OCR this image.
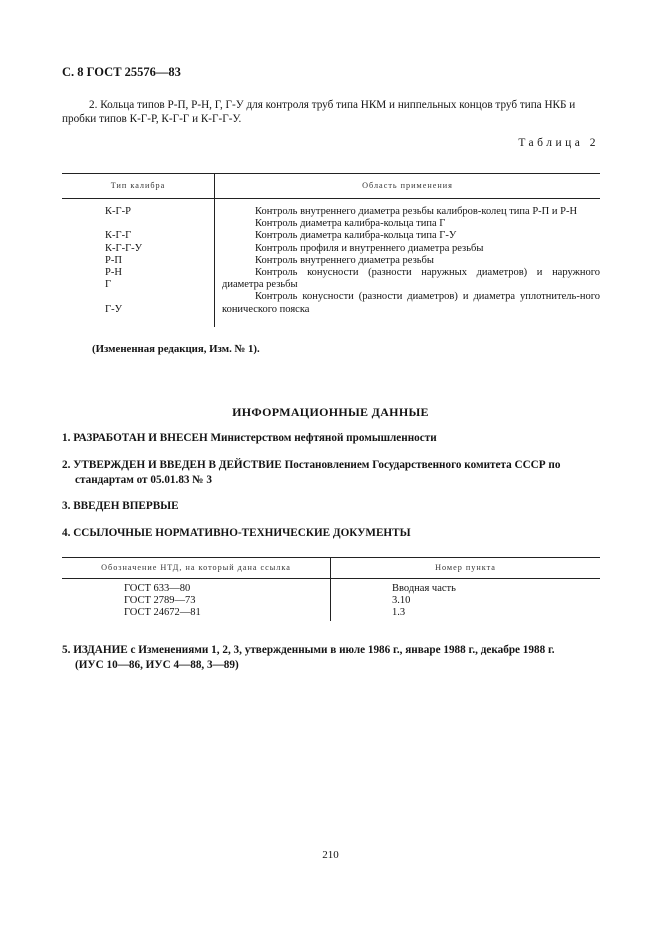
С. 8 ГОСТ 25576—83
2. Кольца типов Р-П, Р-Н, Г, Г-У для контроля труб типа НКМ и ниппельных концов труб типа НКБ и пробки типов К-Г-Р, К-Г-Г и К-Г-Г-У.
Таблица 2
Тип калибра	Область применения
К-Г-Р
К-Г-Г
К-Г-Г-У
Р-П
Р-Н
Г
Г-У
Контроль внутреннего диаметра резьбы калибров-колец типа Р-П и Р-Н
Контроль диаметра калибра-кольца типа Г
Контроль диаметра калибра-кольца типа Г-У
Контроль профиля и внутреннего диаметра резьбы
Контроль внутреннего диаметра резьбы
Контроль конусности (разности наружных диаметров) и наружного диаметра резьбы
Контроль конусности (разности диаметров) и диаметра уплотнитель-ного конического пояска
(Измененная редакция, Изм. № 1).
ИНФОРМАЦИОННЫЕ ДАННЫЕ
1. РАЗРАБОТАН И ВНЕСЕН Министерством нефтяной промышленности
2. УТВЕРЖДЕН И ВВЕДЕН В ДЕЙСТВИЕ Постановлением Государственного комитета СССР по
стандартам от 05.01.83 № 3
3. ВВЕДЕН ВПЕРВЫЕ
4. ССЫЛОЧНЫЕ НОРМАТИВНО-ТЕХНИЧЕСКИЕ ДОКУМЕНТЫ
Обозначение НТД, на который дана ссылка	Номер пункта
ГОСТ 633—80
ГОСТ 2789—73
ГОСТ 24672—81
Вводная часть
3.10
1.3
5. ИЗДАНИЕ с Изменениями 1, 2, 3, утвержденными в июле 1986 г., январе 1988 г., декабре 1988 г.
(ИУС 10—86, ИУС 4—88, 3—89)
210
